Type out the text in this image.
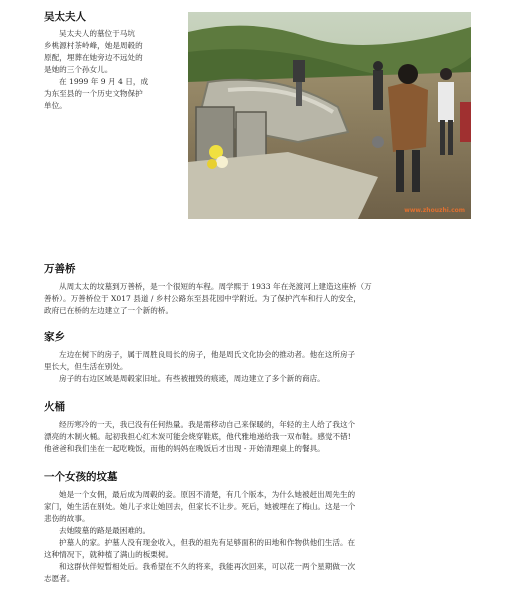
吴太夫人
吴太夫人的墓位于马坑
乡桃源村茶岭峰，她是周毂的
原配，埋葬在她旁边不远处的
是她的三个孙女儿。
在 1999 年 9 月 4 日，成
为东至县的一个历史文物保护
单位。
www.zhouzhi.com
万善桥
从周太太的坟墓到万善桥，是一个很短的车程。周学熙于 1933 年在尧渡河上建造这座桥（万
善桥）。万善桥位于 X017 县道 / 乡村公路东至县花园中学附近。为了保护汽车和行人的安全，
政府已在桥的左边建立了一个新的桥。
家乡
左边在树下的房子，属于周胜良局长的房子，他是周氏文化协会的推动者。他在这所房子
里长大，但生活在别处。
房子的右边区域是周毂家旧址。有些被摧毁的痕迹，周边建立了多个新的商店。
火桶
经历寒冷的一天，我已没有任何热量。我是需移动自己来保暖的，年轻的主人给了我这个
漂亮的木制火桶。起初我担心红木炭可能会烧穿鞋底，他代雅地递给我一双布鞋。感觉不错!
他爸爸和我们坐在一起吃晚饭，而他的妈妈在晚饭后才出现 - 开始清理桌上的餐具。
一个女孩的坟墓
她是一个女佣，最后成为周毂的妾。原因不清楚，有几个版本，为什么她被赶出周先生的
家门，她生活在别处。她儿子求让她回去，但家长不让步。死后，她被埋在了梅山。这是一个
悲伤的故事。
去她陵墓的路是最困难的。
护墓人的家。护墓人没有现金收入，但我的祖先有足够面积的田地和作物供他们生活。在
这种情况下，就种植了满山的板栗树。
和这群伙伴短暂相处后。我希望在不久的将来，我能再次回来，可以花一两个星期做一次
志愿者。
